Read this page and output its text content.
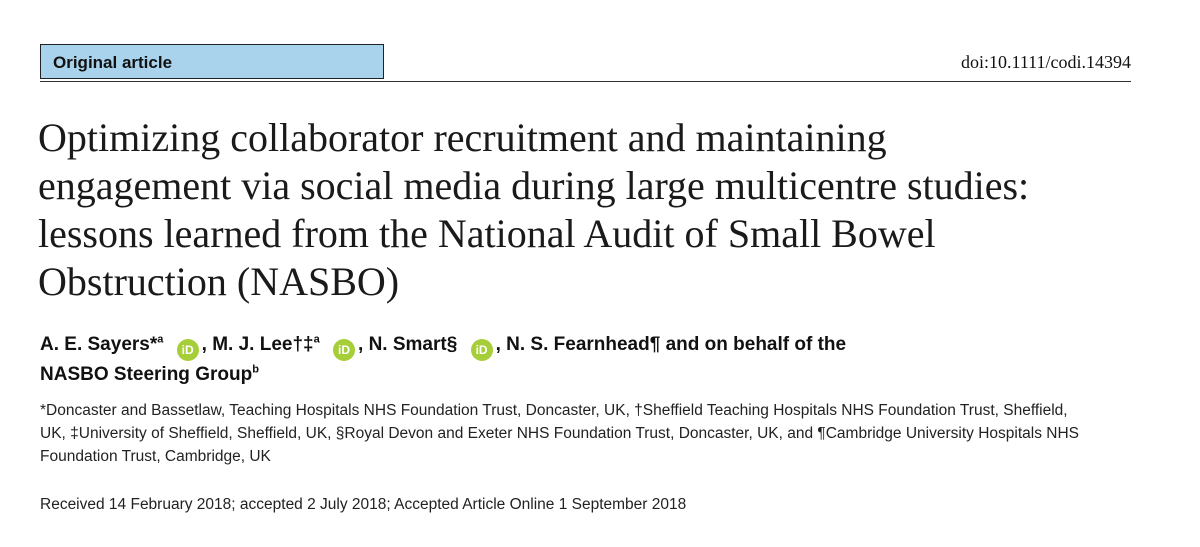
Original article	doi:10.1111/codi.14394
Optimizing collaborator recruitment and maintaining
engagement via social media during large multicentre studies:
lessons learned from the National Audit of Small Bowel
Obstruction (NASBO)
A. E. Sayers*$^a$ iD , M. J. Lee†‡$^a$ iD , N. Smart§ iD , N. S. Fearnhead¶ and on behalf of the
NASBO Steering Group$^b$
*Doncaster and Bassetlaw, Teaching Hospitals NHS Foundation Trust, Doncaster, UK, †Sheffield Teaching Hospitals NHS Foundation Trust, Sheffield,
UK, ‡University of Sheffield, Sheffield, UK, §Royal Devon and Exeter NHS Foundation Trust, Doncaster, UK, and ¶Cambridge University Hospitals NHS
Foundation Trust, Cambridge, UK
Received 14 February 2018; accepted 2 July 2018; Accepted Article Online 1 September 2018
